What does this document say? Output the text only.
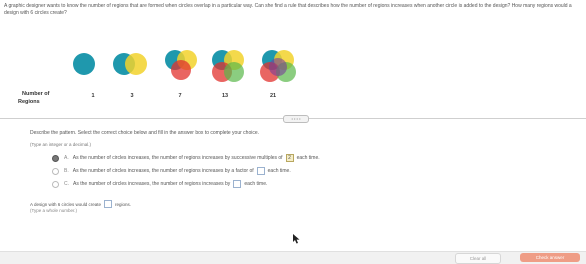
A graphic designer wants to know the number of regions that are formed when circles overlap in a particular way. Can she find a rule that describes how the number of regions increases when another circle is added to the design? How many regions would a design with 6 circles create?
Number of
Regions
1	3	7	13	21
• • • •
Describe the pattern. Select the correct choice below and fill in the answer box to complete your choice.
(Type an integer or a decimal.)
A. As the number of circles increases, the number of regions increases by successive multiples of	2	each time.
B. As the number of circles increases, the number of regions increases by a factor of	each time.
C. As the number of circles increases, the number of regions increases by	each time.
A design with 6 circles would create	regions.
(Type a whole number.)
Clear all	Check answer
